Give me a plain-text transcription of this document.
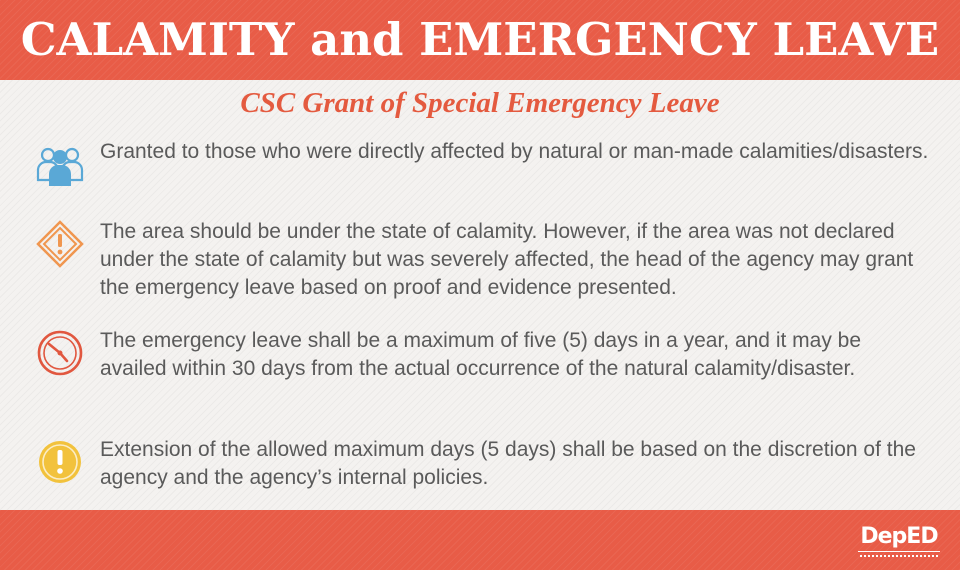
CALAMITY and EMERGENCY LEAVE
CSC Grant of Special Emergency Leave

Granted to those who were directly affected by natural or man-made calamities/disasters.

The area should be under the state of calamity. However, if the area was not declared under the state of calamity but was severely affected, the head of the agency may grant the emergency leave based on proof and evidence presented.

The emergency leave shall be a maximum of five (5) days in a year, and it may be availed within 30 days from the actual occurrence of the natural calamity/disaster.

Extension of the allowed maximum days (5 days) shall be based on the discretion of the agency and the agency’s internal policies.

DepED
